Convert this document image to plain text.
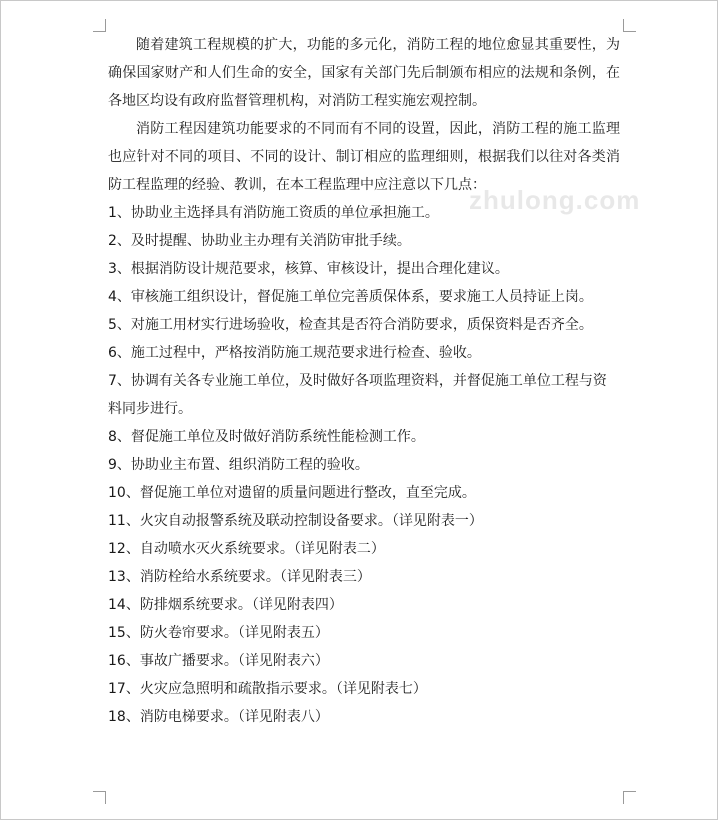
随着建筑工程规模的扩大，功能的多元化，消防工程的地位愈显其重要性，为确保国家财产和人们生命的安全，国家有关部门先后制颁布相应的法规和条例，在各地区均设有政府监督管理机构，对消防工程实施宏观控制。

消防工程因建筑功能要求的不同而有不同的设置，因此，消防工程的施工监理也应针对不同的项目、不同的设计、制订相应的监理细则，根据我们以往对各类消防工程监理的经验、教训，在本工程监理中应注意以下几点：

1、协助业主选择具有消防施工资质的单位承担施工。

2、及时提醒、协助业主办理有关消防审批手续。

3、根据消防设计规范要求，核算、审核设计，提出合理化建议。

4、审核施工组织设计，督促施工单位完善质保体系，要求施工人员持证上岗。

5、对施工用材实行进场验收，检查其是否符合消防要求，质保资料是否齐全。

6、施工过程中，严格按消防施工规范要求进行检查、验收。

7、协调有关各专业施工单位，及时做好各项监理资料，并督促施工单位工程与资料同步进行。

8、督促施工单位及时做好消防系统性能检测工作。

9、协助业主布置、组织消防工程的验收。

10、督促施工单位对遗留的质量问题进行整改，直至完成。

11、火灾自动报警系统及联动控制设备要求。（详见附表一）

12、自动喷水灭火系统要求。（详见附表二）

13、消防栓给水系统要求。（详见附表三）

14、防排烟系统要求。（详见附表四）

15、防火卷帘要求。（详见附表五）

16、事故广播要求。（详见附表六）

17、火灾应急照明和疏散指示要求。（详见附表七）

18、消防电梯要求。（详见附表八）

zhulong.com
